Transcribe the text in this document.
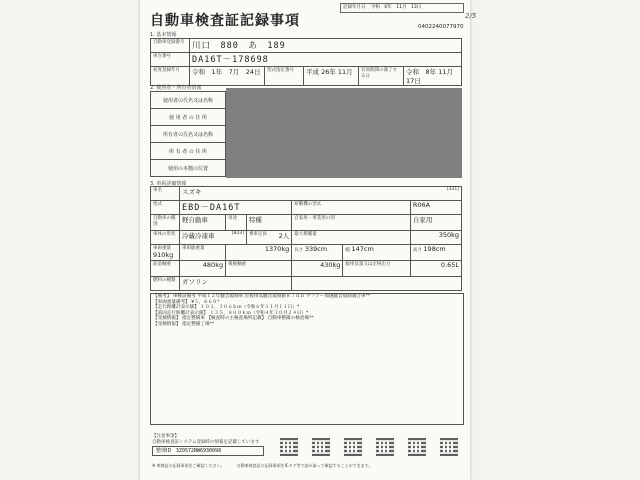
自動車検査証記録事項
記録年月日 令和　6年　11月　13日
0402240077970
2/5
1. 基本情報
自動車登録番号	川口　880　あ　189				
車台番号	DA16T－178698				
初度登録年月	令和　1年　7月　24日	型式指定番号	平成 26年 11月	有効期間の満了する日	令和　8年 11月 17日
2. 使用者・所有者情報
使用者の氏名又は名称	
使 用 者 の 住 所	
所有者の氏名又は名称	
所 有 者 の 住 所	
使用の本拠の位置	
3. 車両詳細情報
車名	スズキ [331]					

型式	EBD－DA16T			原動機の型式		R06A
自動車の種別	軽自動車	用途	特種	自家用・事業用の別		自家用
車体の形状	冷蔵冷凍車 [833]		乗車定員 2人	最大積載量		350kg
車両重量 910kg	車両総重量	1370kg		長さ 339cm	幅 147cm	高さ 198cm
前前軸重	480kg	後後軸重		430kg	総排気量又は定格出力	0.65L
燃料の種類	ガソリン					
【備考】 車検証備考 平成１２年騒音規制車 近接排気騒音規制値８７ｄＢ マフラー加速騒音規制適合車**
【車両重量備考】 ¥５，８６０*
【走行距離計表示値】 １０３，３０６ｋｍ（令和６年１１月１１日）*
【前回走行距離計表示値】 １３５，８００ｋｍ（令和４年１０月２４日）*
【受検情報】 指定整備車 【検査時の主検査場所記載】 自動車整備の検査場**
【受検情報】 指定整備工場**
【注意事項】
自動車検査証システム登録時の情報を記載しています
整理ID 3Z0572NW6930098
※ 車検証の記録事項をご確認ください。　　　自動車検査証の記録事項をICタグ等で読み取って確認することができます。
